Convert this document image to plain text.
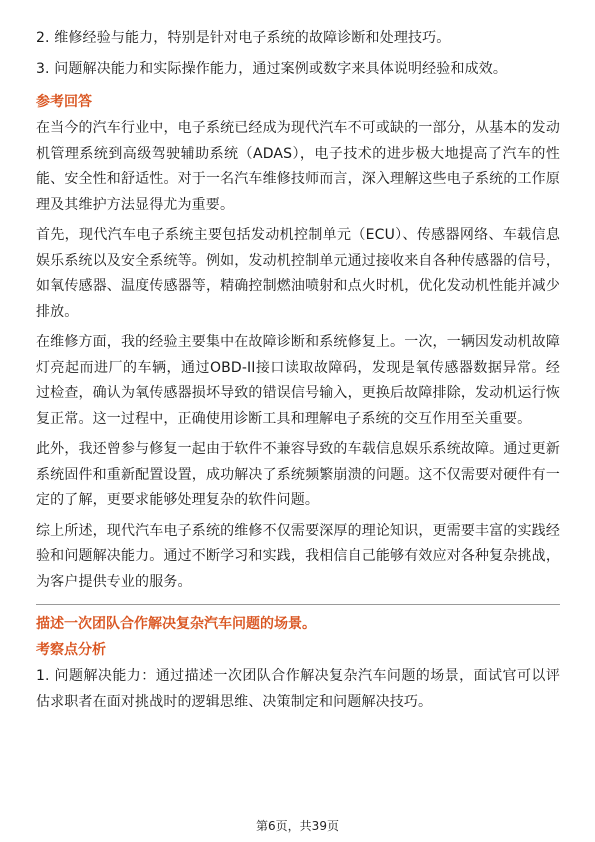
2. 维修经验与能力，特别是针对电子系统的故障诊断和处理技巧。

3. 问题解决能力和实际操作能力，通过案例或数字来具体说明经验和成效。

参考回答

在当今的汽车行业中，电子系统已经成为现代汽车不可或缺的一部分，从基本的发动机管理系统到高级驾驶辅助系统（ADAS），电子技术的进步极大地提高了汽车的性能、安全性和舒适性。对于一名汽车维修技师而言，深入理解这些电子系统的工作原理及其维护方法显得尤为重要。

首先，现代汽车电子系统主要包括发动机控制单元（ECU）、传感器网络、车载信息娱乐系统以及安全系统等。例如，发动机控制单元通过接收来自各种传感器的信号，如氧传感器、温度传感器等，精确控制燃油喷射和点火时机，优化发动机性能并减少排放。

在维修方面，我的经验主要集中在故障诊断和系统修复上。一次，一辆因发动机故障灯亮起而进厂的车辆，通过OBD-II接口读取故障码，发现是氧传感器数据异常。经过检查，确认为氧传感器损坏导致的错误信号输入，更换后故障排除，发动机运行恢复正常。这一过程中，正确使用诊断工具和理解电子系统的交互作用至关重要。

此外，我还曾参与修复一起由于软件不兼容导致的车载信息娱乐系统故障。通过更新系统固件和重新配置设置，成功解决了系统频繁崩溃的问题。这不仅需要对硬件有一定的了解，更要求能够处理复杂的软件问题。

综上所述，现代汽车电子系统的维修不仅需要深厚的理论知识，更需要丰富的实践经验和问题解决能力。通过不断学习和实践，我相信自己能够有效应对各种复杂挑战，为客户提供专业的服务。

描述一次团队合作解决复杂汽车问题的场景。
考察点分析

1. 问题解决能力：通过描述一次团队合作解决复杂汽车问题的场景，面试官可以评估求职者在面对挑战时的逻辑思维、决策制定和问题解决技巧。

第6页，共39页
